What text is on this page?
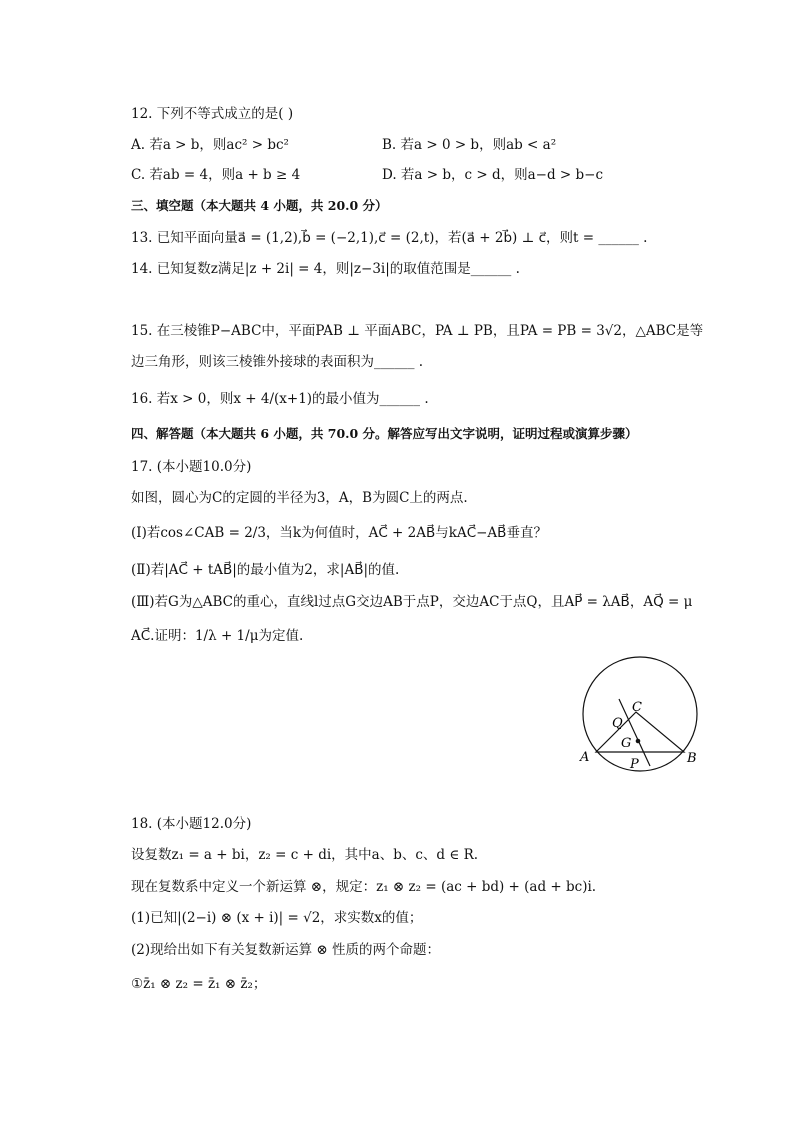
12. 下列不等式成立的是( )
A. 若a > b，则ac² > bc²	B. 若a > 0 > b，则ab < a²
C. 若ab = 4，则a + b ≥ 4	D. 若a > b，c > d，则a−d > b−c
三、填空题（本大题共 4 小题，共 20.0 分）
13. 已知平面向量a⃗ = (1,2),b⃗ = (−2,1),c⃗ = (2,t)，若(a⃗ + 2b⃗) ⊥ c⃗，则t = ______ .
14. 已知复数z满足|z + 2i| = 4，则|z−3i|的取值范围是______ .
15. 在三棱锥P−ABC中，平面PAB ⊥ 平面ABC，PA ⊥ PB，且PA = PB = 3√2，△ABC是等
边三角形，则该三棱锥外接球的表面积为______ .
16. 若x > 0，则x + 4/(x+1)的最小值为______ .
四、解答题（本大题共 6 小题，共 70.0 分。解答应写出文字说明，证明过程或演算步骤）
17. (本小题10.0分)
如图，圆心为C的定圆的半径为3，A，B为圆C上的两点.
(Ⅰ)若cos∠CAB = 2/3，当k为何值时，AC⃗ + 2AB⃗与kAC⃗−AB⃗垂直？
(Ⅱ)若|AC⃗ + tAB⃗|的最小值为2，求|AB⃗|的值.
(Ⅲ)若G为△ABC的重心，直线l过点G交边AB于点P，交边AC于点Q，且AP⃗ = λAB⃗，AQ⃗ = μ
AC⃗.证明：1/λ + 1/μ为定值.
C
Q
G
A	P	B
18. (本小题12.0分)
设复数z₁ = a + bi，z₂ = c + di，其中a、b、c、d ∈ R.
现在复数系中定义一个新运算 ⊗，规定：z₁ ⊗ z₂ = (ac + bd) + (ad + bc)i.
(1)已知|(2−i) ⊗ (x + i)| = √2，求实数x的值；
(2)现给出如下有关复数新运算 ⊗ 性质的两个命题：
①z̄₁ ⊗ z₂ = z̄₁ ⊗ z̄₂；
